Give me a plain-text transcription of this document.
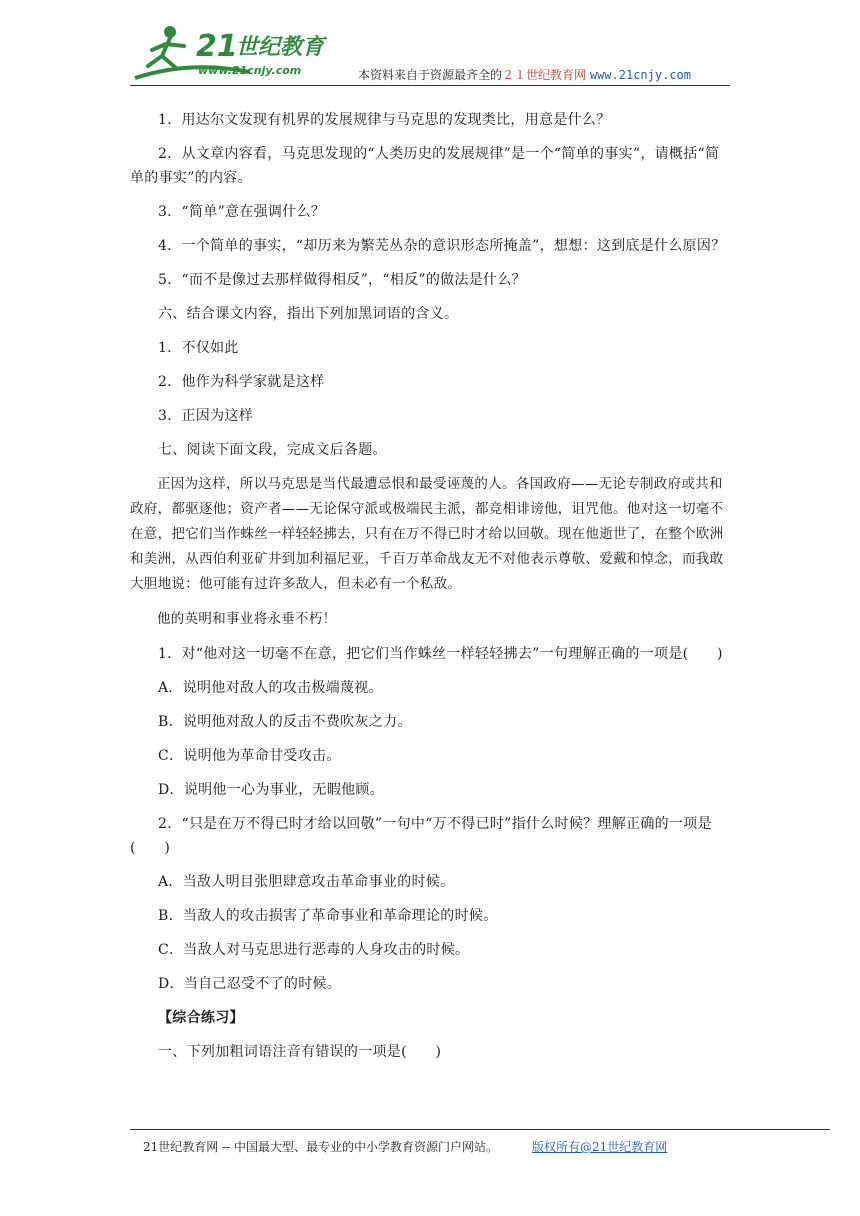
21
世纪教育
www.21cnjy.com	本资料来自于资源最齐全的２１世纪教育网 www.21cnjy.com

1．用达尔文发现有机界的发展规律与马克思的发现类比，用意是什么？

2．从文章内容看，马克思发现的“人类历史的发展规律”是一个“简单的事实”，请概括“简单的事实”的内容。

3．“简单”意在强调什么？

4．一个简单的事实，“却历来为繁芜丛杂的意识形态所掩盖”，想想：这到底是什么原因？

5．“而不是像过去那样做得相反”，“相反”的做法是什么？

六、结合课文内容，指出下列加黑词语的含义。

1．不仅如此

2．他作为科学家就是这样

3．正因为这样

七、阅读下面文段，完成文后各题。

正因为这样，所以马克思是当代最遭忌恨和最受诬蔑的人。各国政府——无论专制政府或共和政府，都驱逐他；资产者——无论保守派或极端民主派，都竞相诽谤他，诅咒他。他对这一切毫不在意，把它们当作蛛丝一样轻轻拂去，只有在万不得已时才给以回敬。现在他逝世了，在整个欧洲和美洲，从西伯利亚矿井到加利福尼亚，千百万革命战友无不对他表示尊敬、爱戴和悼念，而我敢大胆地说：他可能有过许多敌人，但未必有一个私敌。

他的英明和事业将永垂不朽！

1．对“他对这一切毫不在意，把它们当作蛛丝一样轻轻拂去”一句理解正确的一项是(　　)

A．说明他对敌人的攻击极端蔑视。

B．说明他对敌人的反击不费吹灰之力。

C．说明他为革命甘受攻击。

D．说明他一心为事业，无暇他顾。

2．“只是在万不得已时才给以回敬”一句中“万不得已时”指什么时候？理解正确的一项是(　　)

A．当敌人明目张胆肆意攻击革命事业的时候。

B．当敌人的攻击损害了革命事业和革命理论的时候。

C．当敌人对马克思进行恶毒的人身攻击的时候。

D．当自己忍受不了的时候。

【综合练习】

一、下列加粗词语注音有错误的一项是(　　)

21世纪教育网 -- 中国最大型、最专业的中小学教育资源门户网站。	版权所有@21世纪教育网
